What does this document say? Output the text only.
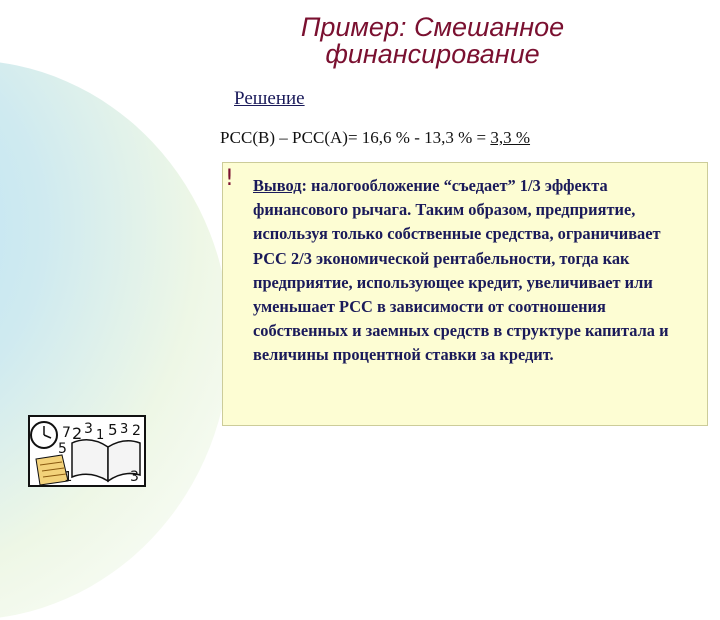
Пример: Смешанное
финансирование
Решение
РСС(В) – РСС(А)= 16,6 % - 13,3 % = 3,3 %
! Вывод: налогообложение “съедает” 1/3 эффекта финансового рычага. Таким образом, предприятие, используя только собственные средства, ограничивает РСС 2/3 экономической рентабельности, тогда как предприятие, использующее кредит, увеличивает или уменьшает РСС в зависимости от соотношения собственных и заемных средств в структуре капитала и величины процентной ставки за кредит.
2 3 1 5 3 2
7
5
1	3
